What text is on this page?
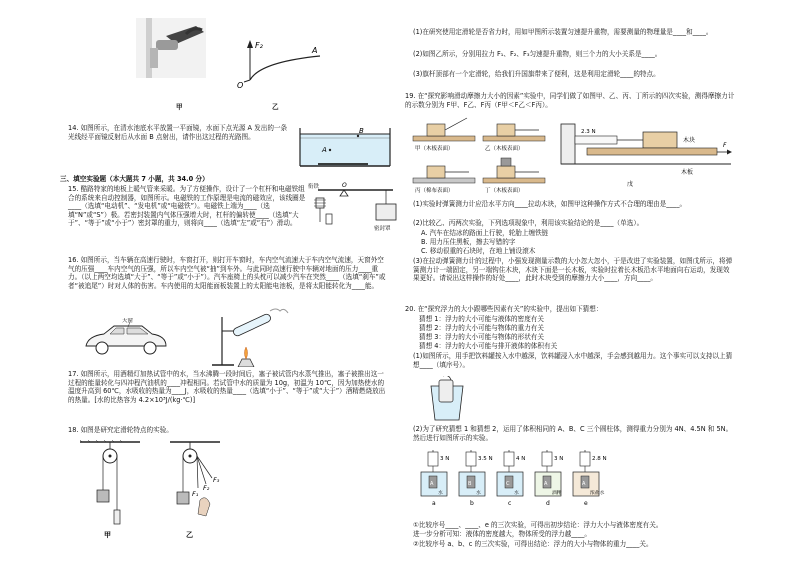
F₂
A
O
甲	乙
14. 如图所示，在清水池底水平放置一平面镜，水面下点光源 A 发出的一条光线经平面镜反射后从水面 B 点射出，请作出这过程的光路图。
B
A
三、填空实验题（本大题共 7 小题，共 34.0 分）
15. 酷路特家的地板上暖气管来采暖。为了方便操作，设计了一个杠杆和电磁铁组合的系统来自动控制器，如图所示。电磁铁的工作原理是电流的磁效应，该线圈是____（选填“电动机”、“发电机”或“电磁铁”）。电磁铁上端为____（选填“N”或“S”）极。若密封装置内气体压强增大时，杠杆的偏转使____（选填“大于”、“等于”或“小于”）密封罩的重力，则将向____（选填“左”或“右”）滑动。
衔铁
密封罩
O
16. 如图所示，当车辆在高速行驶时，车窗打开，则打开车窗时，车内空气流速大于车内空气流速，天窗外空气的压强____车内空气的压强，所以车内空气被“抽”到车外。与此同时高速行驶中车辆对地面的压力____重力。（以上两空均选填“大于”、“等于”或“小于”）。汽车座椅上的头枕可以减少汽车在突然____（选填“刹车”或者“被追尾”）时对人体的伤害。车内使用的太阳能面板装置上的太阳能电池板，是将太阳能转化为____能。
天窗
17. 如图所示，用酒精灯加热试管中的水，当水沸腾一段时间后，塞子被试管内水蒸气推出，塞子被推出这一过程的能量转化与四冲程汽油机的____冲程相同。若试管中水的质量为 10g，初温为 10℃，因为加热使水的温度升高到 60℃，水吸收的热量为____J，水吸收的热量____（选填“小于”、“等于”或“大于”）酒精燃烧放出的热量。[水的比热容为 4.2×10³J/(kg·℃)]
18. 如图是研究定滑轮特点的实验。
F₁
F₂
F₃
甲	乙
(1)在研究使用定滑轮是否省力时，用如甲图所示装置匀速提升重物，需要测量的物理量是____和____。
(2)如图乙所示，分别用拉力 F₁、F₂、F₃匀速提升重物，则三个力的大小关系是____。
(3)旗杆顶部有一个定滑轮，给我们升国旗带来了便利，这是利用定滑轮____的特点。
19. 在“探究影响滑动摩擦力大小的因素”实验中，同学们做了如图甲、乙、丙、丁所示的四次实验，测得摩擦力计的示数分别为 F甲、F乙、F丙（F甲＜F乙＜F丙）。
甲（木板表面）	乙（木板表面）
丙（棉布表面）	丁（木板表面）
2.3 N
木块
木板
F
戊
(1)实验时弹簧测力计应沿水平方向____拉动木块，如图甲这种操作方式不合理的理由是____。
(2)比较乙、丙两次实验，下列选项现象中，利用该实验结论的是____（单选）。
A. 汽车在结冰的路面上行驶，轮胎上缠铁链
B. 用力压住黑板，擦去写错的字
C. 移动很重的石块时，在地上铺设滚木
(3)在拉动弹簧测力计的过程中，小强发现测量示数的大小忽大忽小，于是改进了实验装置，如图戊所示，将弹簧测力计一端固定，另一端钩住木块，木块下面是一长木板，实验时拉着长木板沿水平地面向右运动，发现效果更好。请说出这样操作的好处____，此时木块受到的摩擦力大小____，方向____。
20. 在“探究浮力的大小跟哪些因素有关”的实验中，提出如下猜想：
猜想 1：浮力的大小可能与液体的密度有关
猜想 2：浮力的大小可能与物体的重力有关
猜想 3：浮力的大小可能与物体的形状有关
猜想 4：浮力的大小可能与排开液体的体积有关
(1)如图所示，用手把饮料罐按入水中越深，饮料罐浸入水中越深，手会感到越用力。这个事实可以支持以上猜想____（填序号）。
(2)为了研究猜想 1 和猜想 2，运用了体积相同的 A、B、C 三个圆柱体，测得重力分别为 4N、4.5N 和 5N。然后进行如图所示的实验。
3 N
A
水
a
3.5 N
B
水
b
4 N
C
水
c
3 N
A
酒精
d
2.8 N
A
浓盐水
e
①比较序号____、____、e 的三次实验，可得出初步结论：浮力大小与液体密度有关。
进一步分析可知：液体的密度越大，物体所受的浮力越____。
②比较序号 a、b、c 的三次实验，可得出结论：浮力的大小与物体的重力____关。
